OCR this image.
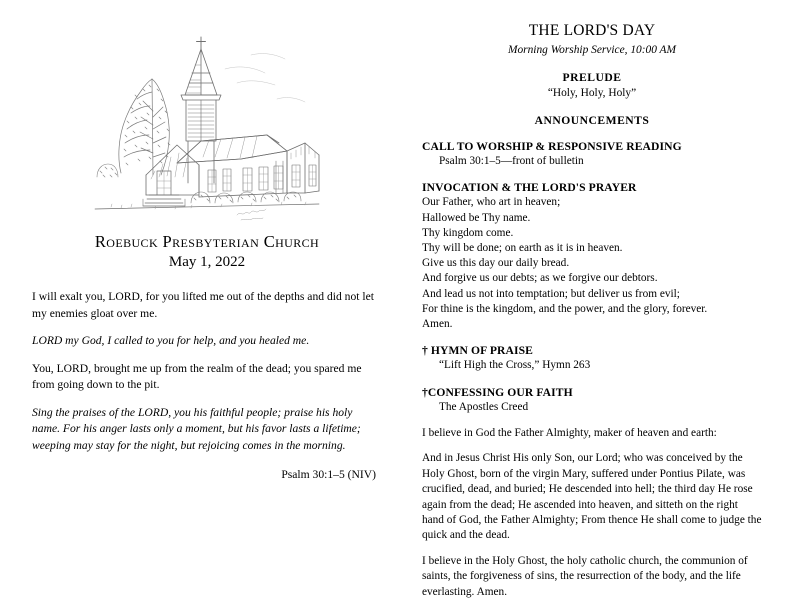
Roebuck Presbyterian Church
May 1, 2022

I will exalt you, LORD, for you lifted me out of the depths and did not let my enemies gloat over me.

LORD my God, I called to you for help, and you healed me.

You, LORD, brought me up from the realm of the dead; you spared me from going down to the pit.

Sing the praises of the LORD, you his faithful people; praise his holy name. For his anger lasts only a moment, but his favor lasts a lifetime; weeping may stay for the night, but rejoicing comes in the morning.

Psalm 30:1–5 (NIV)
THE LORD'S DAY
Morning Worship Service, 10:00 AM
PRELUDE
“Holy, Holy, Holy”
ANNOUNCEMENTS
CALL TO WORSHIP & RESPONSIVE READING
Psalm 30:1–5—front of bulletin
INVOCATION & THE LORD'S PRAYER
Our Father, who art in heaven;
Hallowed be Thy name.
Thy kingdom come.
Thy will be done; on earth as it is in heaven.
Give us this day our daily bread.
And forgive us our debts; as we forgive our debtors.
And lead us not into temptation; but deliver us from evil;
For thine is the kingdom, and the power, and the glory, forever.
Amen.
† HYMN OF PRAISE
“Lift High the Cross,” Hymn 263
†CONFESSING OUR FAITH
The Apostles Creed

I believe in God the Father Almighty, maker of heaven and earth:

And in Jesus Christ His only Son, our Lord; who was conceived by the Holy Ghost, born of the virgin Mary, suffered under Pontius Pilate, was crucified, dead, and buried; He descended into hell; the third day He rose again from the dead; He ascended into heaven, and sitteth on the right hand of God, the Father Almighty; From thence He shall come to judge the quick and the dead.

I believe in the Holy Ghost, the holy catholic church, the communion of saints, the forgiveness of sins, the resurrection of the body, and the life everlasting. Amen.
